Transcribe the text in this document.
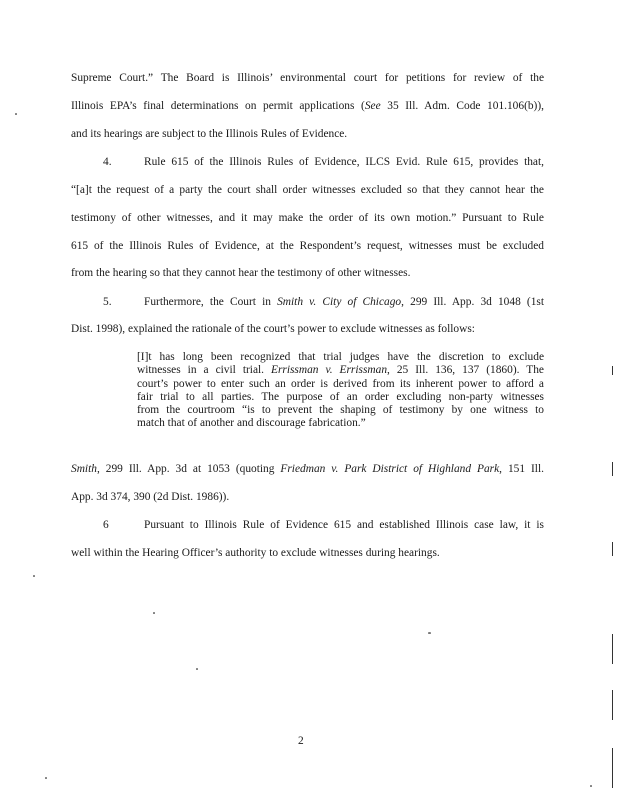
Supreme Court.” The Board is Illinois’ environmental court for petitions for review of the
Illinois EPA’s final determinations on permit applications (See 35 Ill. Adm. Code 101.106(b)),
and its hearings are subject to the Illinois Rules of Evidence.
4.	Rule 615 of the Illinois Rules of Evidence, ILCS Evid. Rule 615, provides that,
“[a]t the request of a party the court shall order witnesses excluded so that they cannot hear the
testimony of other witnesses, and it may make the order of its own motion.” Pursuant to Rule
615 of the Illinois Rules of Evidence, at the Respondent’s request, witnesses must be excluded
from the hearing so that they cannot hear the testimony of other witnesses.
5.	Furthermore, the Court in Smith v. City of Chicago, 299 Ill. App. 3d 1048 (1st
Dist. 1998), explained the rationale of the court’s power to exclude witnesses as follows:
[I]t has long been recognized that trial judges have the discretion to exclude
witnesses in a civil trial. Errissman v. Errissman, 25 Ill. 136, 137 (1860). The
court’s power to enter such an order is derived from its inherent power to afford a
fair trial to all parties. The purpose of an order excluding non-party witnesses
from the courtroom “is to prevent the shaping of testimony by one witness to
match that of another and discourage fabrication.”
Smith, 299 Ill. App. 3d at 1053 (quoting Friedman v. Park District of Highland Park, 151 Ill.
App. 3d 374, 390 (2d Dist. 1986)).
6	Pursuant to Illinois Rule of Evidence 615 and established Illinois case law, it is
well within the Hearing Officer’s authority to exclude witnesses during hearings.
2
